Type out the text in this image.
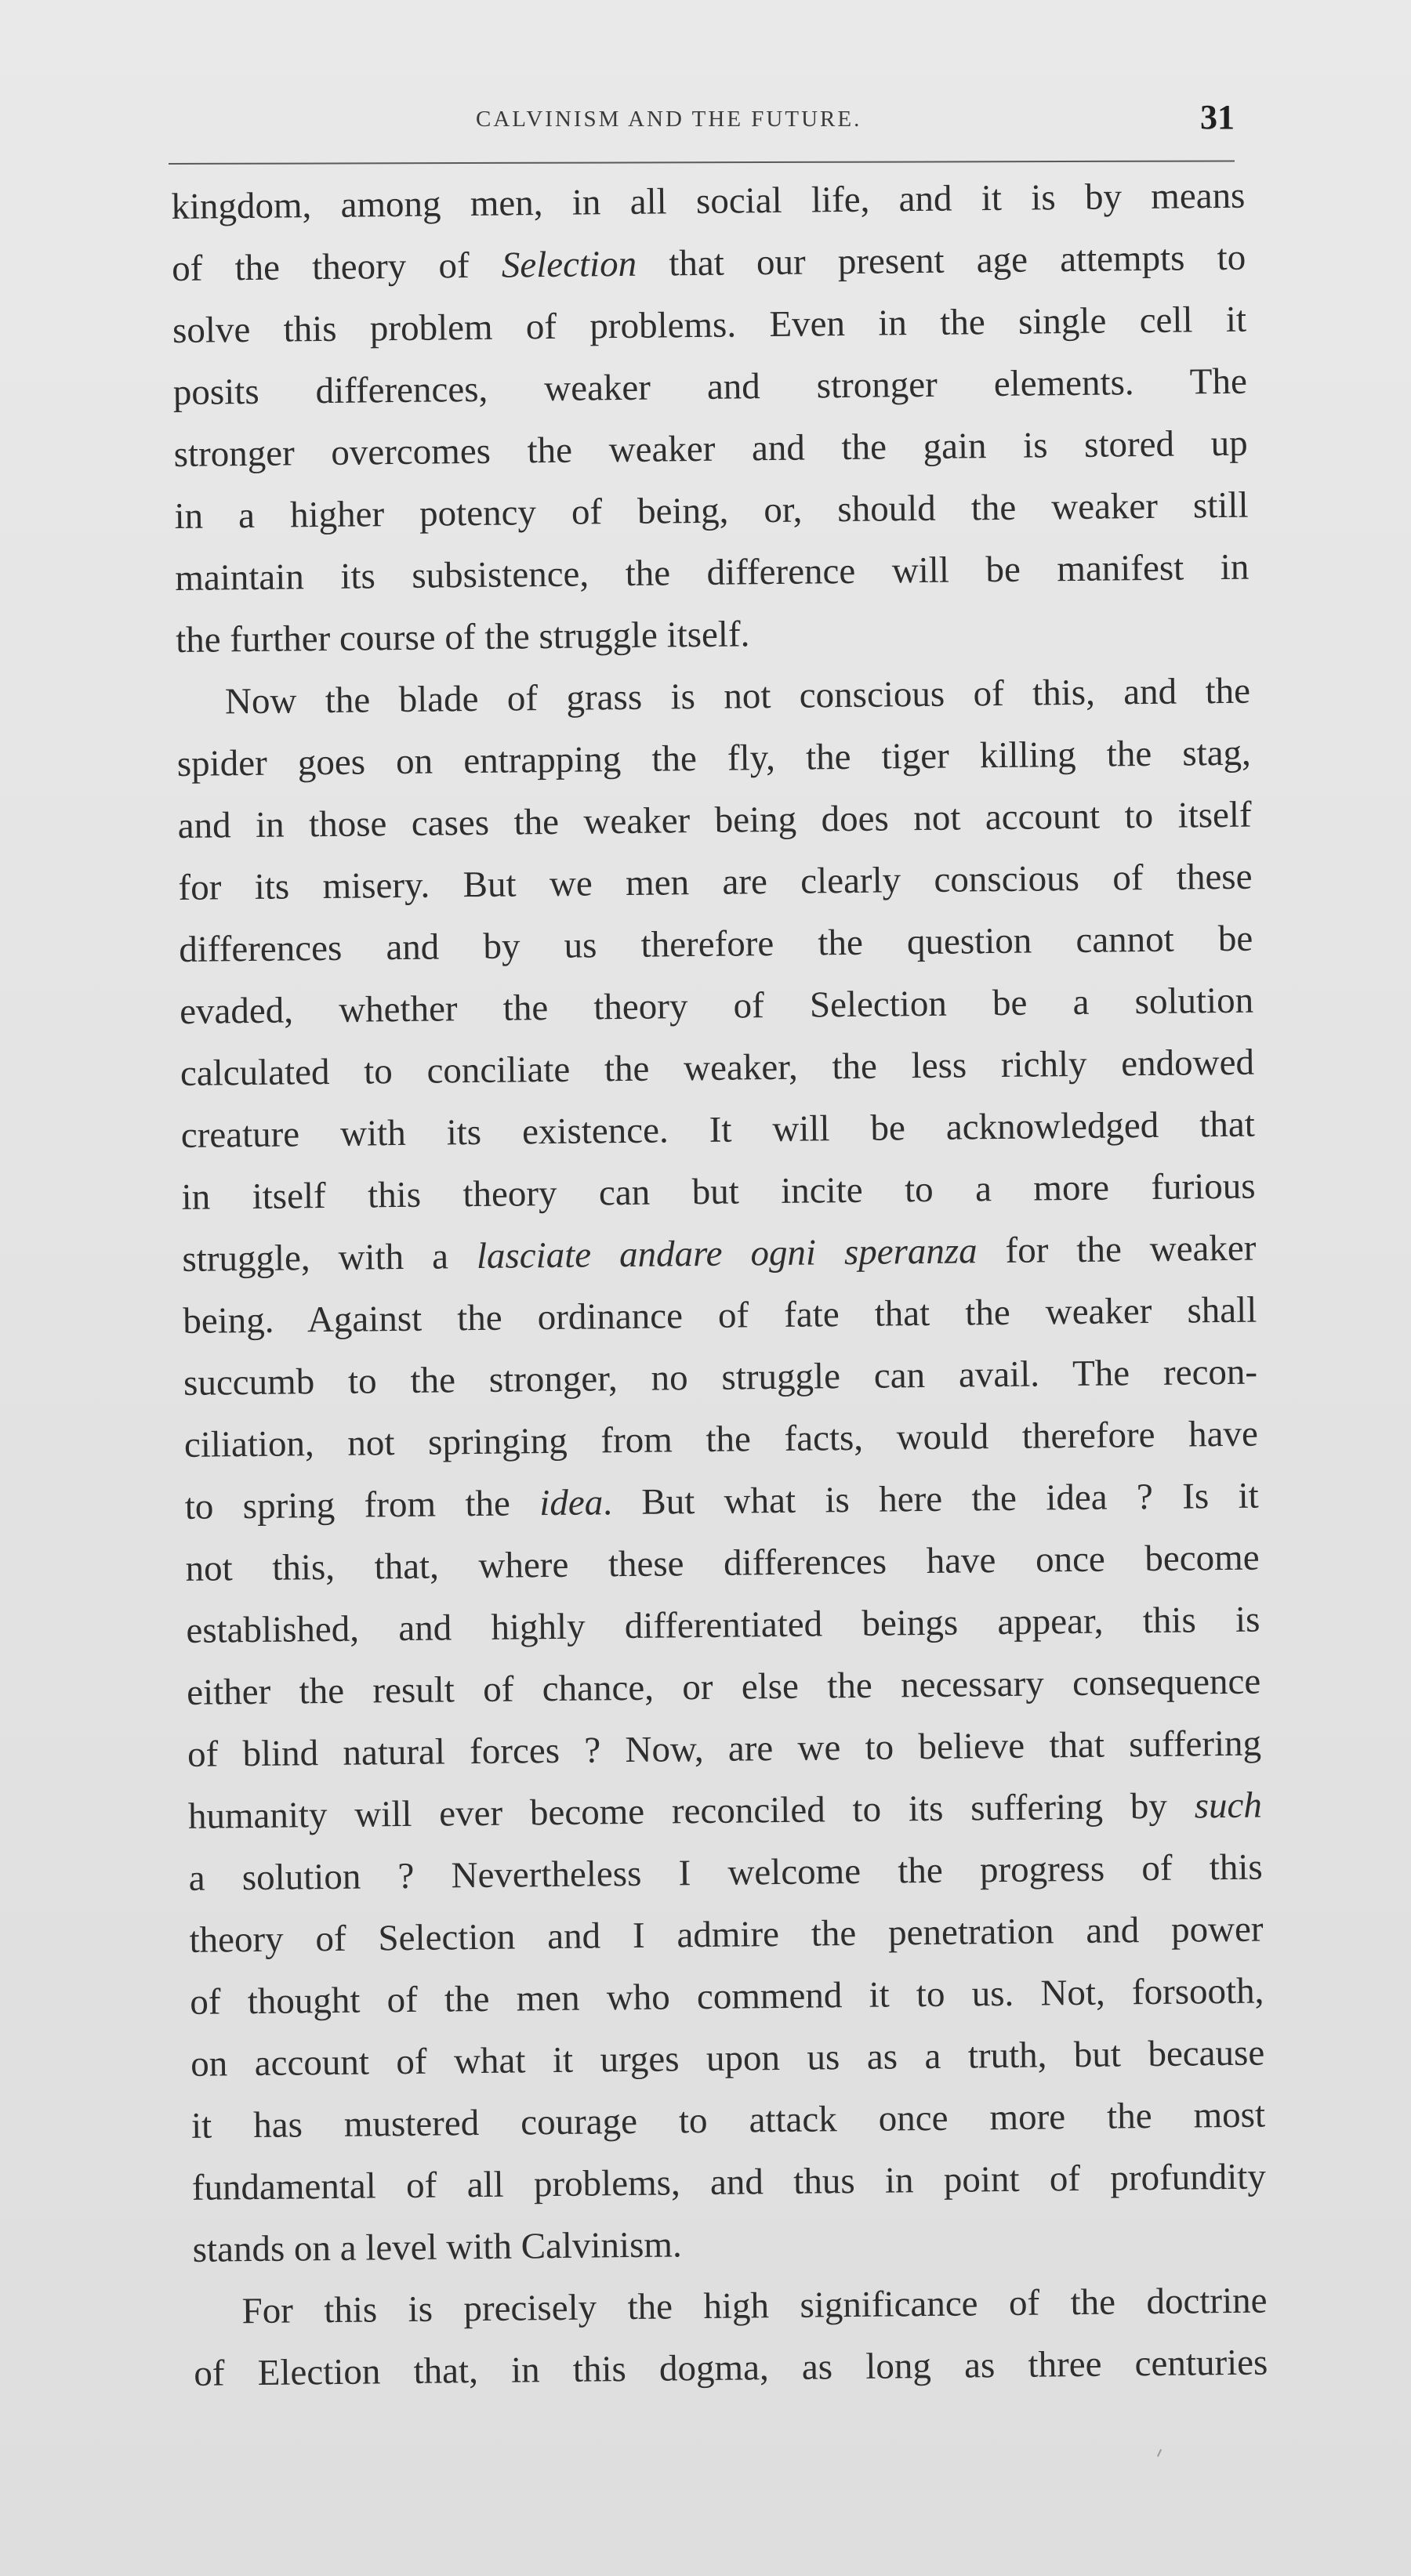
CALVINISM AND THE FUTURE.	31
kingdom, among men, in all social life, and it is by means
of the theory of Selection that our present age attempts to
solve this problem of problems. Even in the single cell it
posits differences, weaker and stronger elements. The
stronger overcomes the weaker and the gain is stored up
in a higher potency of being, or, should the weaker still
maintain its subsistence, the difference will be manifest in
the further course of the struggle itself.
Now the blade of grass is not conscious of this, and the
spider goes on entrapping the fly, the tiger killing the stag,
and in those cases the weaker being does not account to itself
for its misery. But we men are clearly conscious of these
differences and by us therefore the question cannot be
evaded, whether the theory of Selection be a solution
calculated to conciliate the weaker, the less richly endowed
creature with its existence. It will be acknowledged that
in itself this theory can but incite to a more furious
struggle, with a lasciate andare ogni speranza for the weaker
being. Against the ordinance of fate that the weaker shall
succumb to the stronger, no struggle can avail. The recon-
ciliation, not springing from the facts, would therefore have
to spring from the idea. But what is here the idea ? Is it
not this, that, where these differences have once become
established, and highly differentiated beings appear, this is
either the result of chance, or else the necessary consequence
of blind natural forces ? Now, are we to believe that suffering
humanity will ever become reconciled to its suffering by such
a solution ? Nevertheless I welcome the progress of this
theory of Selection and I admire the penetration and power
of thought of the men who commend it to us. Not, forsooth,
on account of what it urges upon us as a truth, but because
it has mustered courage to attack once more the most
fundamental of all problems, and thus in point of profundity
stands on a level with Calvinism.
For this is precisely the high significance of the doctrine
of Election that, in this dogma, as long as three centuries
